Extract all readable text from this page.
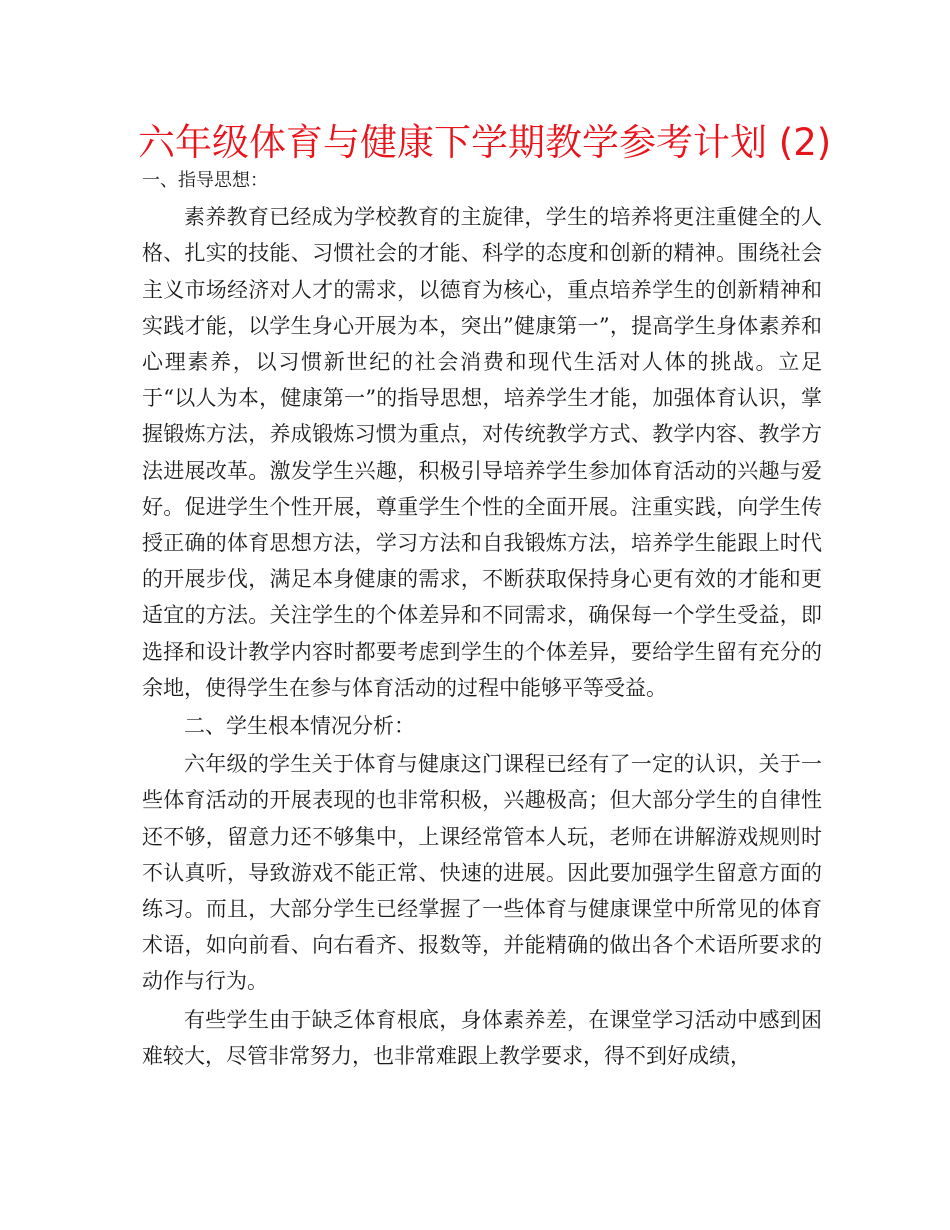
六年级体育与健康下学期教学参考计划 (2)

一、指导思想：

素养教育已经成为学校教育的主旋律，学生的培养将更注重健全的人格、扎实的技能、习惯社会的才能、科学的态度和创新的精神。围绕社会主义市场经济对人才的需求，以德育为核心，重点培养学生的创新精神和实践才能，以学生身心开展为本，突出”健康第一”，提高学生身体素养和心理素养，以习惯新世纪的社会消费和现代生活对人体的挑战。立足于“以人为本，健康第一”的指导思想，培养学生才能，加强体育认识，掌握锻炼方法，养成锻炼习惯为重点，对传统教学方式、教学内容、教学方法进展改革。激发学生兴趣，积极引导培养学生参加体育活动的兴趣与爱好。促进学生个性开展，尊重学生个性的全面开展。注重实践，向学生传授正确的体育思想方法，学习方法和自我锻炼方法，培养学生能跟上时代的开展步伐，满足本身健康的需求，不断获取保持身心更有效的才能和更适宜的方法。关注学生的个体差异和不同需求，确保每一个学生受益，即选择和设计教学内容时都要考虑到学生的个体差异，要给学生留有充分的余地，使得学生在参与体育活动的过程中能够平等受益。

二、学生根本情况分析：

六年级的学生关于体育与健康这门课程已经有了一定的认识，关于一些体育活动的开展表现的也非常积极，兴趣极高；但大部分学生的自律性还不够，留意力还不够集中，上课经常管本人玩，老师在讲解游戏规则时不认真听，导致游戏不能正常、快速的进展。因此要加强学生留意方面的练习。而且，大部分学生已经掌握了一些体育与健康课堂中所常见的体育术语，如向前看、向右看齐、报数等，并能精确的做出各个术语所要求的动作与行为。

有些学生由于缺乏体育根底，身体素养差，在课堂学习活动中感到困难较大，尽管非常努力，也非常难跟上教学要求，得不到好成绩，
